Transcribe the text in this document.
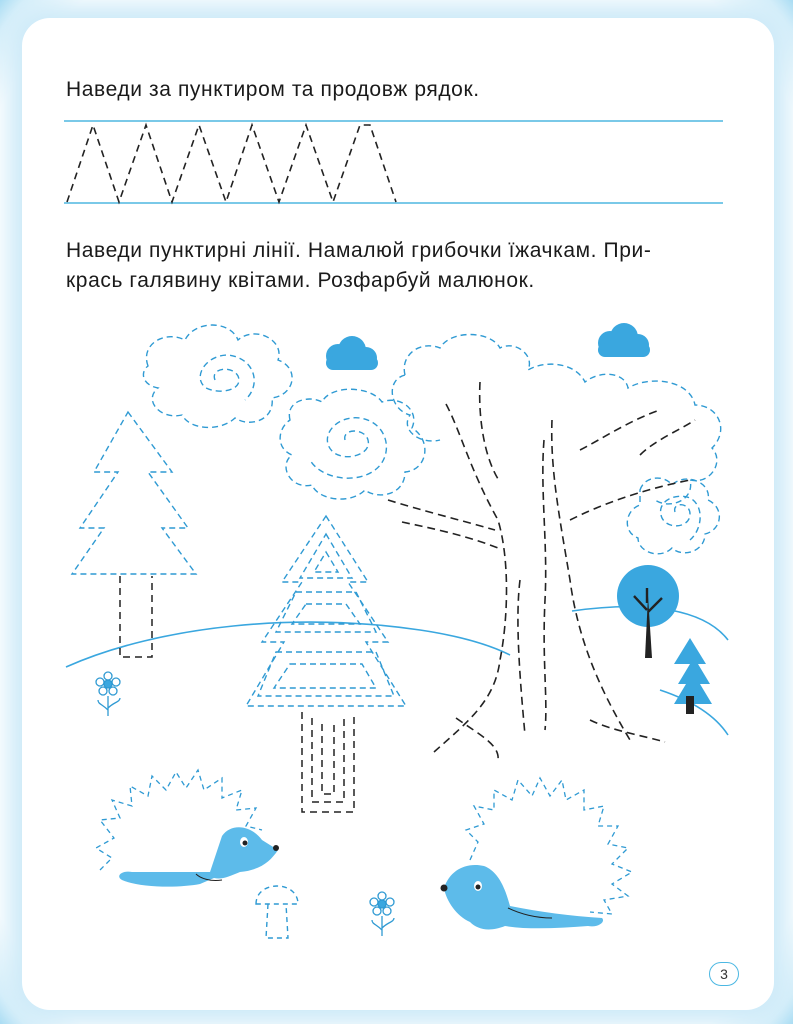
Наведи за пунктиром та продовж рядок.
Наведи пунктирні лінії. Намалюй грибочки їжачкам. При-
крась галявину квітами. Розфарбуй малюнок.
3
